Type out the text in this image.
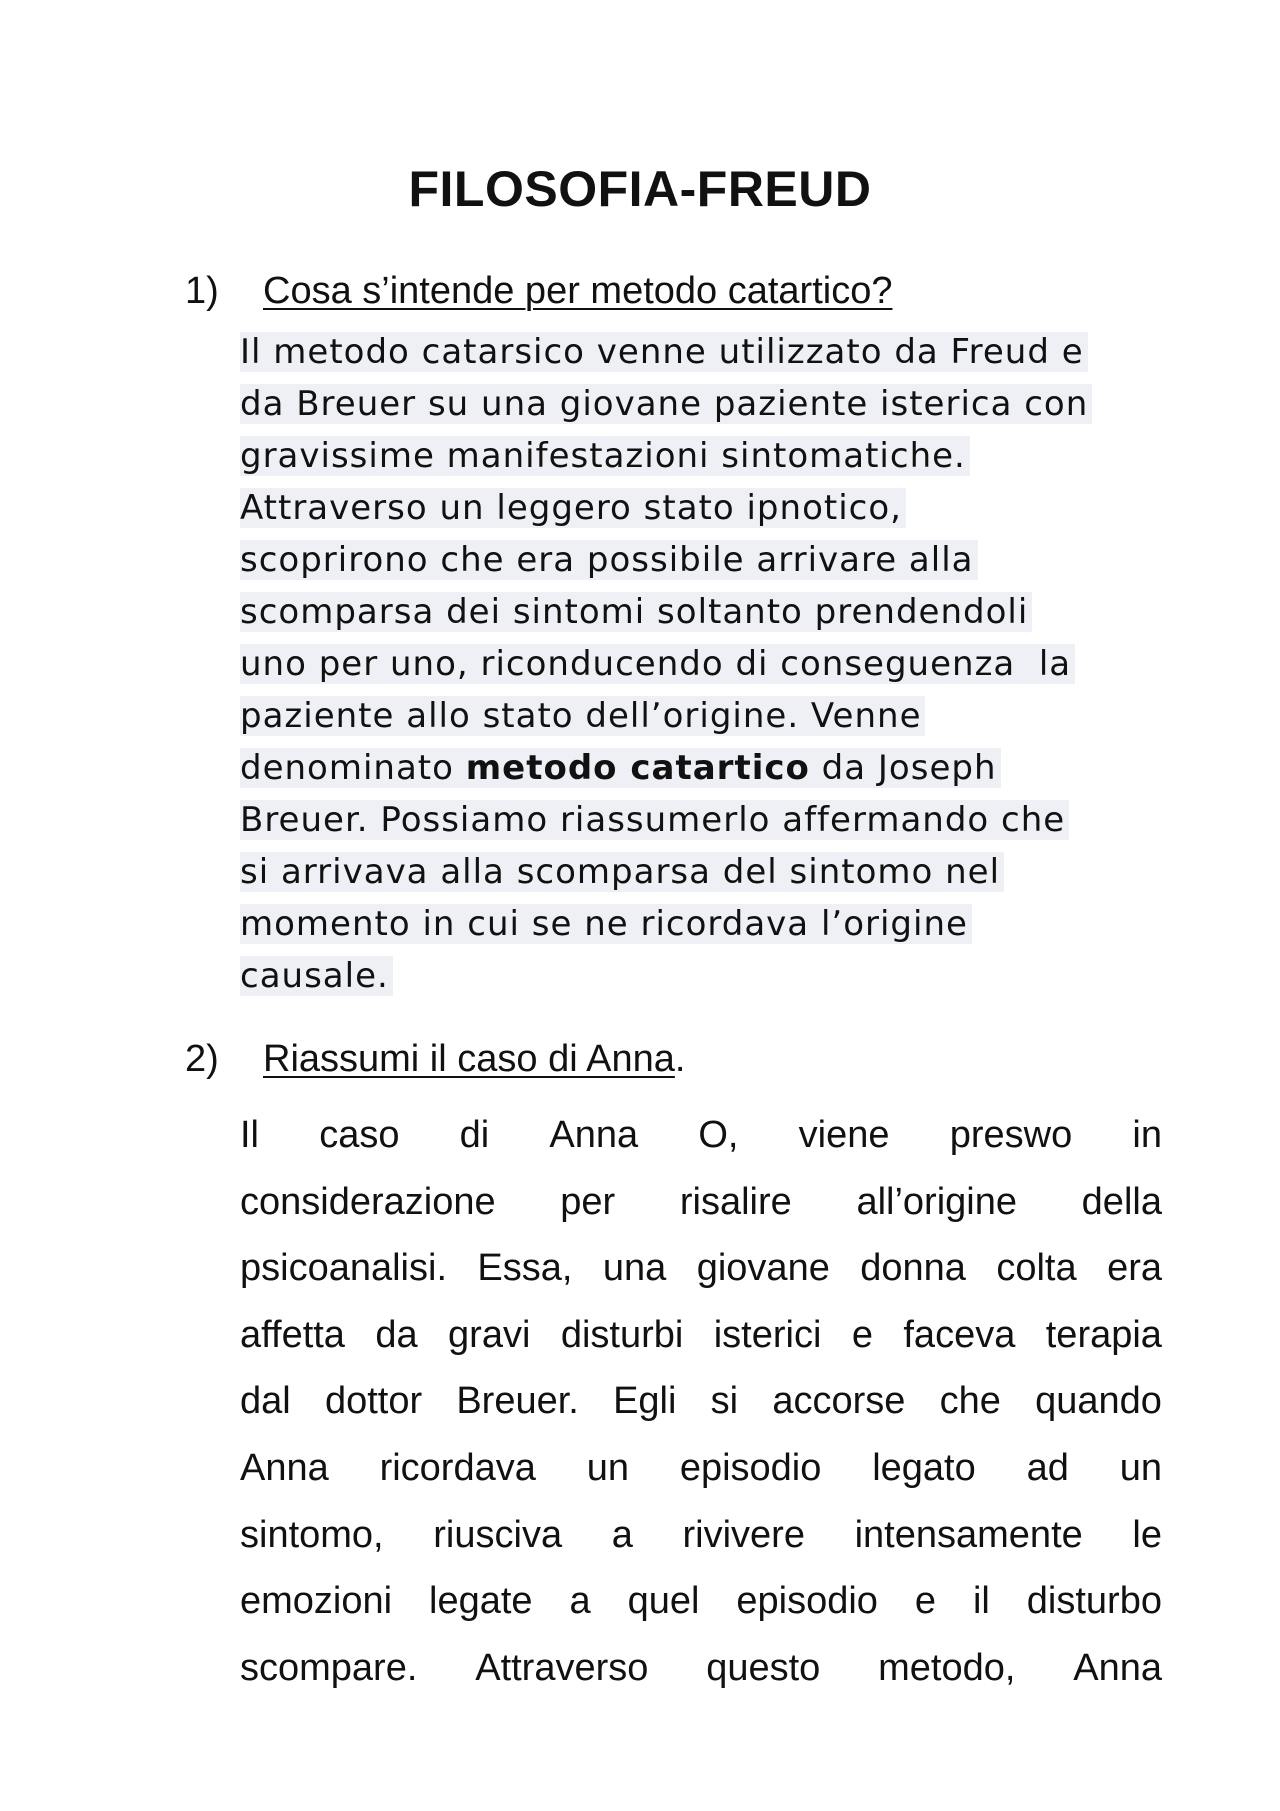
FILOSOFIA-FREUD
1) Cosa s’intende per metodo catartico?
Il metodo catarsico venne utilizzato da Freud e
da Breuer su una giovane paziente isterica con
gravissime manifestazioni sintomatiche.
Attraverso un leggero stato ipnotico,
scoprirono che era possibile arrivare alla
scomparsa dei sintomi soltanto prendendoli
uno per uno, riconducendo di conseguenza  la
paziente allo stato dell’origine. Venne
denominato metodo catartico da Joseph
Breuer. Possiamo riassumerlo affermando che
si arrivava alla scomparsa del sintomo nel
momento in cui se ne ricordava l’origine
causale.
2) Riassumi il caso di Anna.
Il caso di Anna O, viene preswo in
considerazione per risalire all’origine della
psicoanalisi. Essa, una giovane donna colta era
affetta da gravi disturbi isterici e faceva terapia
dal dottor Breuer. Egli si accorse che quando
Anna ricordava un episodio legato ad un
sintomo, riusciva a rivivere intensamente le
emozioni legate a quel episodio e il disturbo
scompare. Attraverso questo metodo, Anna
